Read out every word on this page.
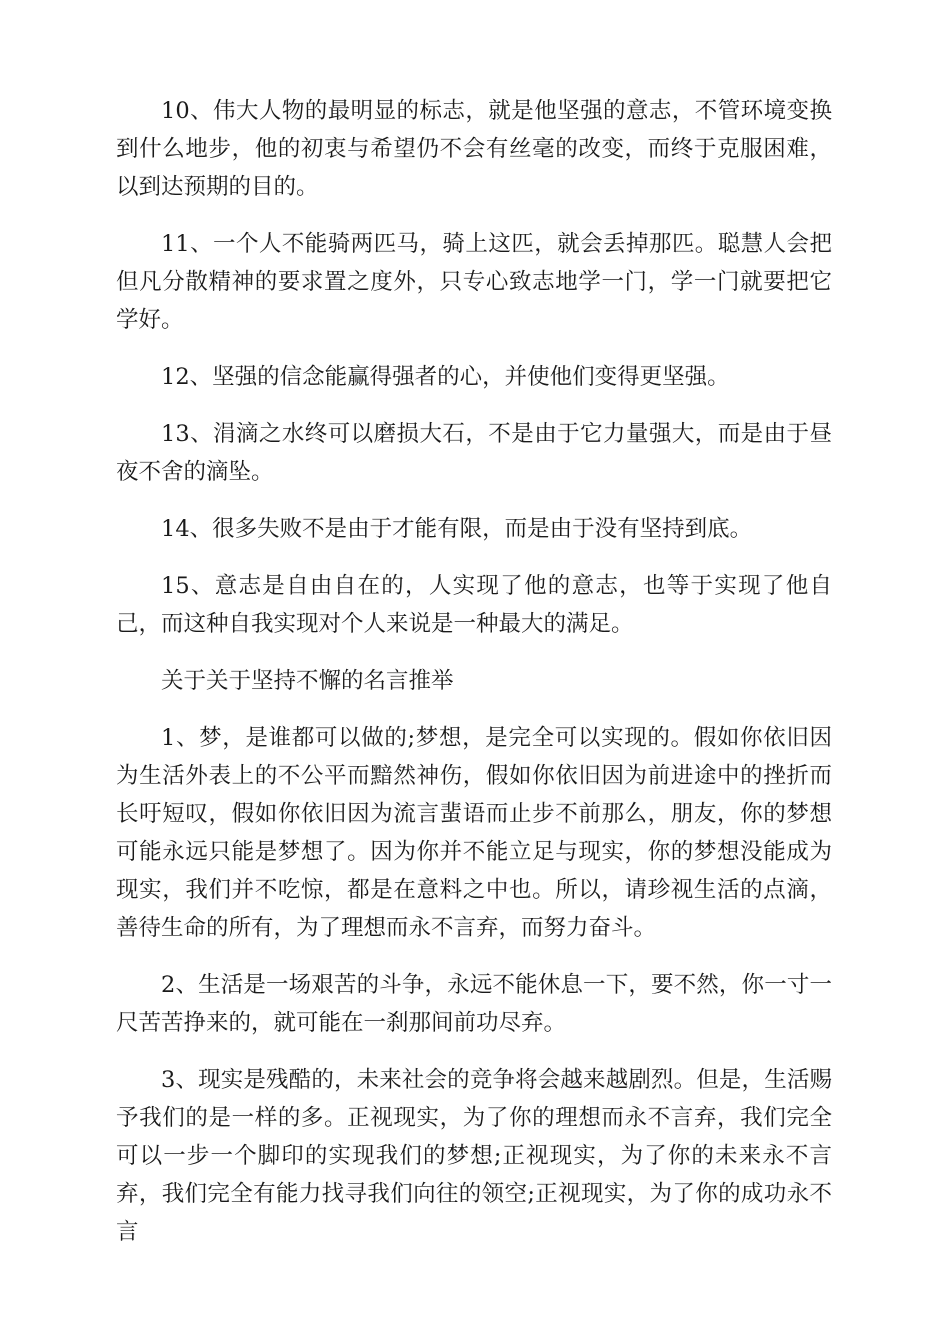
10、伟大人物的最明显的标志，就是他坚强的意志，不管环境变换到什么地步，他的初衷与希望仍不会有丝毫的改变，而终于克服困难，以到达预期的目的。

11、一个人不能骑两匹马，骑上这匹，就会丢掉那匹。聪慧人会把但凡分散精神的要求置之度外，只专心致志地学一门，学一门就要把它学好。

12、坚强的信念能赢得强者的心，并使他们变得更坚强。

13、涓滴之水终可以磨损大石，不是由于它力量强大，而是由于昼夜不舍的滴坠。

14、很多失败不是由于才能有限，而是由于没有坚持到底。

15、意志是自由自在的，人实现了他的意志，也等于实现了他自己，而这种自我实现对个人来说是一种最大的满足。

关于关于坚持不懈的名言推举

1、梦，是谁都可以做的;梦想，是完全可以实现的。假如你依旧因为生活外表上的不公平而黯然神伤，假如你依旧因为前进途中的挫折而长吁短叹，假如你依旧因为流言蜚语而止步不前那么，朋友，你的梦想可能永远只能是梦想了。因为你并不能立足与现实，你的梦想没能成为现实，我们并不吃惊，都是在意料之中也。所以，请珍视生活的点滴，善待生命的所有，为了理想而永不言弃，而努力奋斗。

2、生活是一场艰苦的斗争，永远不能休息一下，要不然，你一寸一尺苦苦挣来的，就可能在一刹那间前功尽弃。

3、现实是残酷的，未来社会的竞争将会越来越剧烈。但是，生活赐予我们的是一样的多。正视现实，为了你的理想而永不言弃，我们完全可以一步一个脚印的实现我们的梦想;正视现实，为了你的未来永不言弃，我们完全有能力找寻我们向往的领空;正视现实，为了你的成功永不言
